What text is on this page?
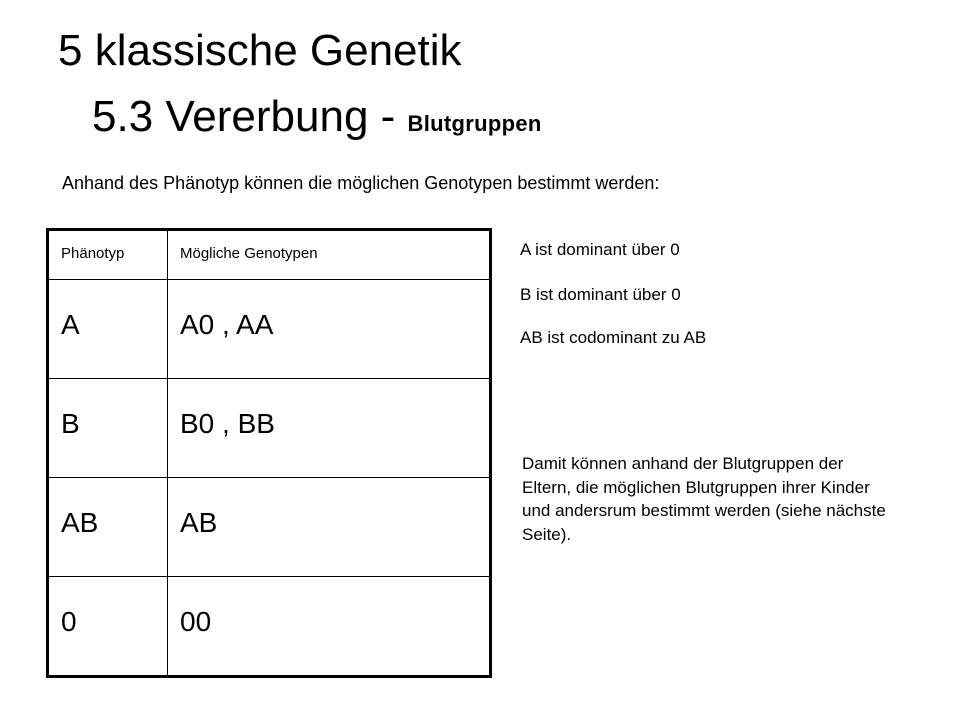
5 klassische Genetik
5.3 Vererbung - Blutgruppen
Anhand des Phänotyp können die möglichen Genotypen bestimmt werden:
Phänotyp	Mögliche Genotypen
A	A0 , AA
B	B0 , BB
AB	AB
0	00
A ist dominant über 0
B ist dominant über 0
AB ist codominant zu AB
Damit können anhand der Blutgruppen der Eltern, die möglichen Blutgruppen ihrer Kinder und andersrum bestimmt werden (siehe nächste Seite).
